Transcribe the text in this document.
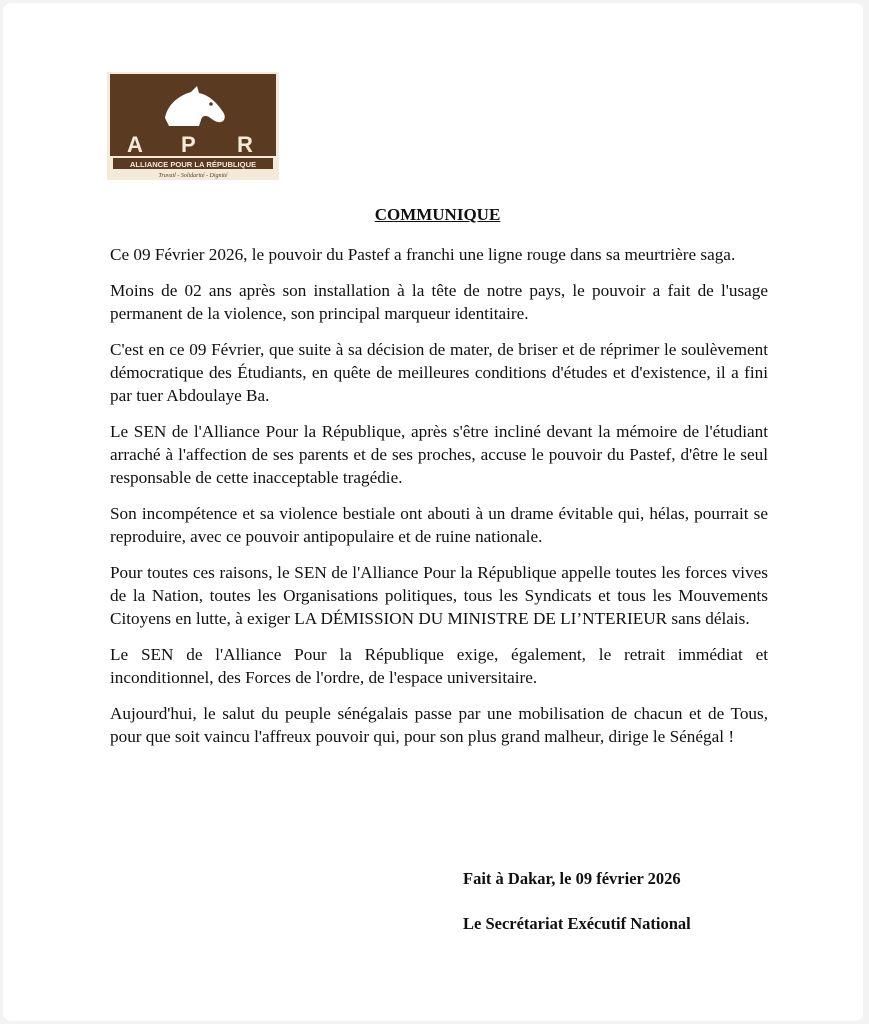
A P R
ALLIANCE POUR LA RÉPUBLIQUE
Travail - Solidarité - Dignité
COMMUNIQUE

Ce 09 Février 2026, le pouvoir du Pastef a franchi une ligne rouge dans sa meurtrière saga.

Moins de 02 ans après son installation à la tête de notre pays, le pouvoir a fait de l'usage permanent de la violence, son principal marqueur identitaire.

C'est en ce 09 Février, que suite à sa décision de mater, de briser et de réprimer le soulèvement démocratique des Étudiants, en quête de meilleures conditions d'études et d'existence, il a fini par tuer Abdoulaye Ba.

Le SEN de l'Alliance Pour la République, après s'être incliné devant la mémoire de l'étudiant arraché à l'affection de ses parents et de ses proches, accuse le pouvoir du Pastef, d'être le seul responsable de cette inacceptable tragédie.

Son incompétence et sa violence bestiale ont abouti à un drame évitable qui, hélas, pourrait se reproduire, avec ce pouvoir antipopulaire et de ruine nationale.

Pour toutes ces raisons, le SEN de l'Alliance Pour la République appelle toutes les forces vives de la Nation, toutes les Organisations politiques, tous les Syndicats et tous les Mouvements Citoyens en lutte, à exiger LA DÉMISSION DU MINISTRE DE LI’NTERIEUR sans délais.

Le SEN de l'Alliance Pour la République exige, également, le retrait immédiat et inconditionnel, des Forces de l'ordre, de l'espace universitaire.

Aujourd'hui, le salut du peuple sénégalais passe par une mobilisation de chacun et de Tous, pour que soit vaincu l'affreux pouvoir qui, pour son plus grand malheur, dirige le Sénégal !

Fait à Dakar, le 09 février 2026
Le Secrétariat Exécutif National
